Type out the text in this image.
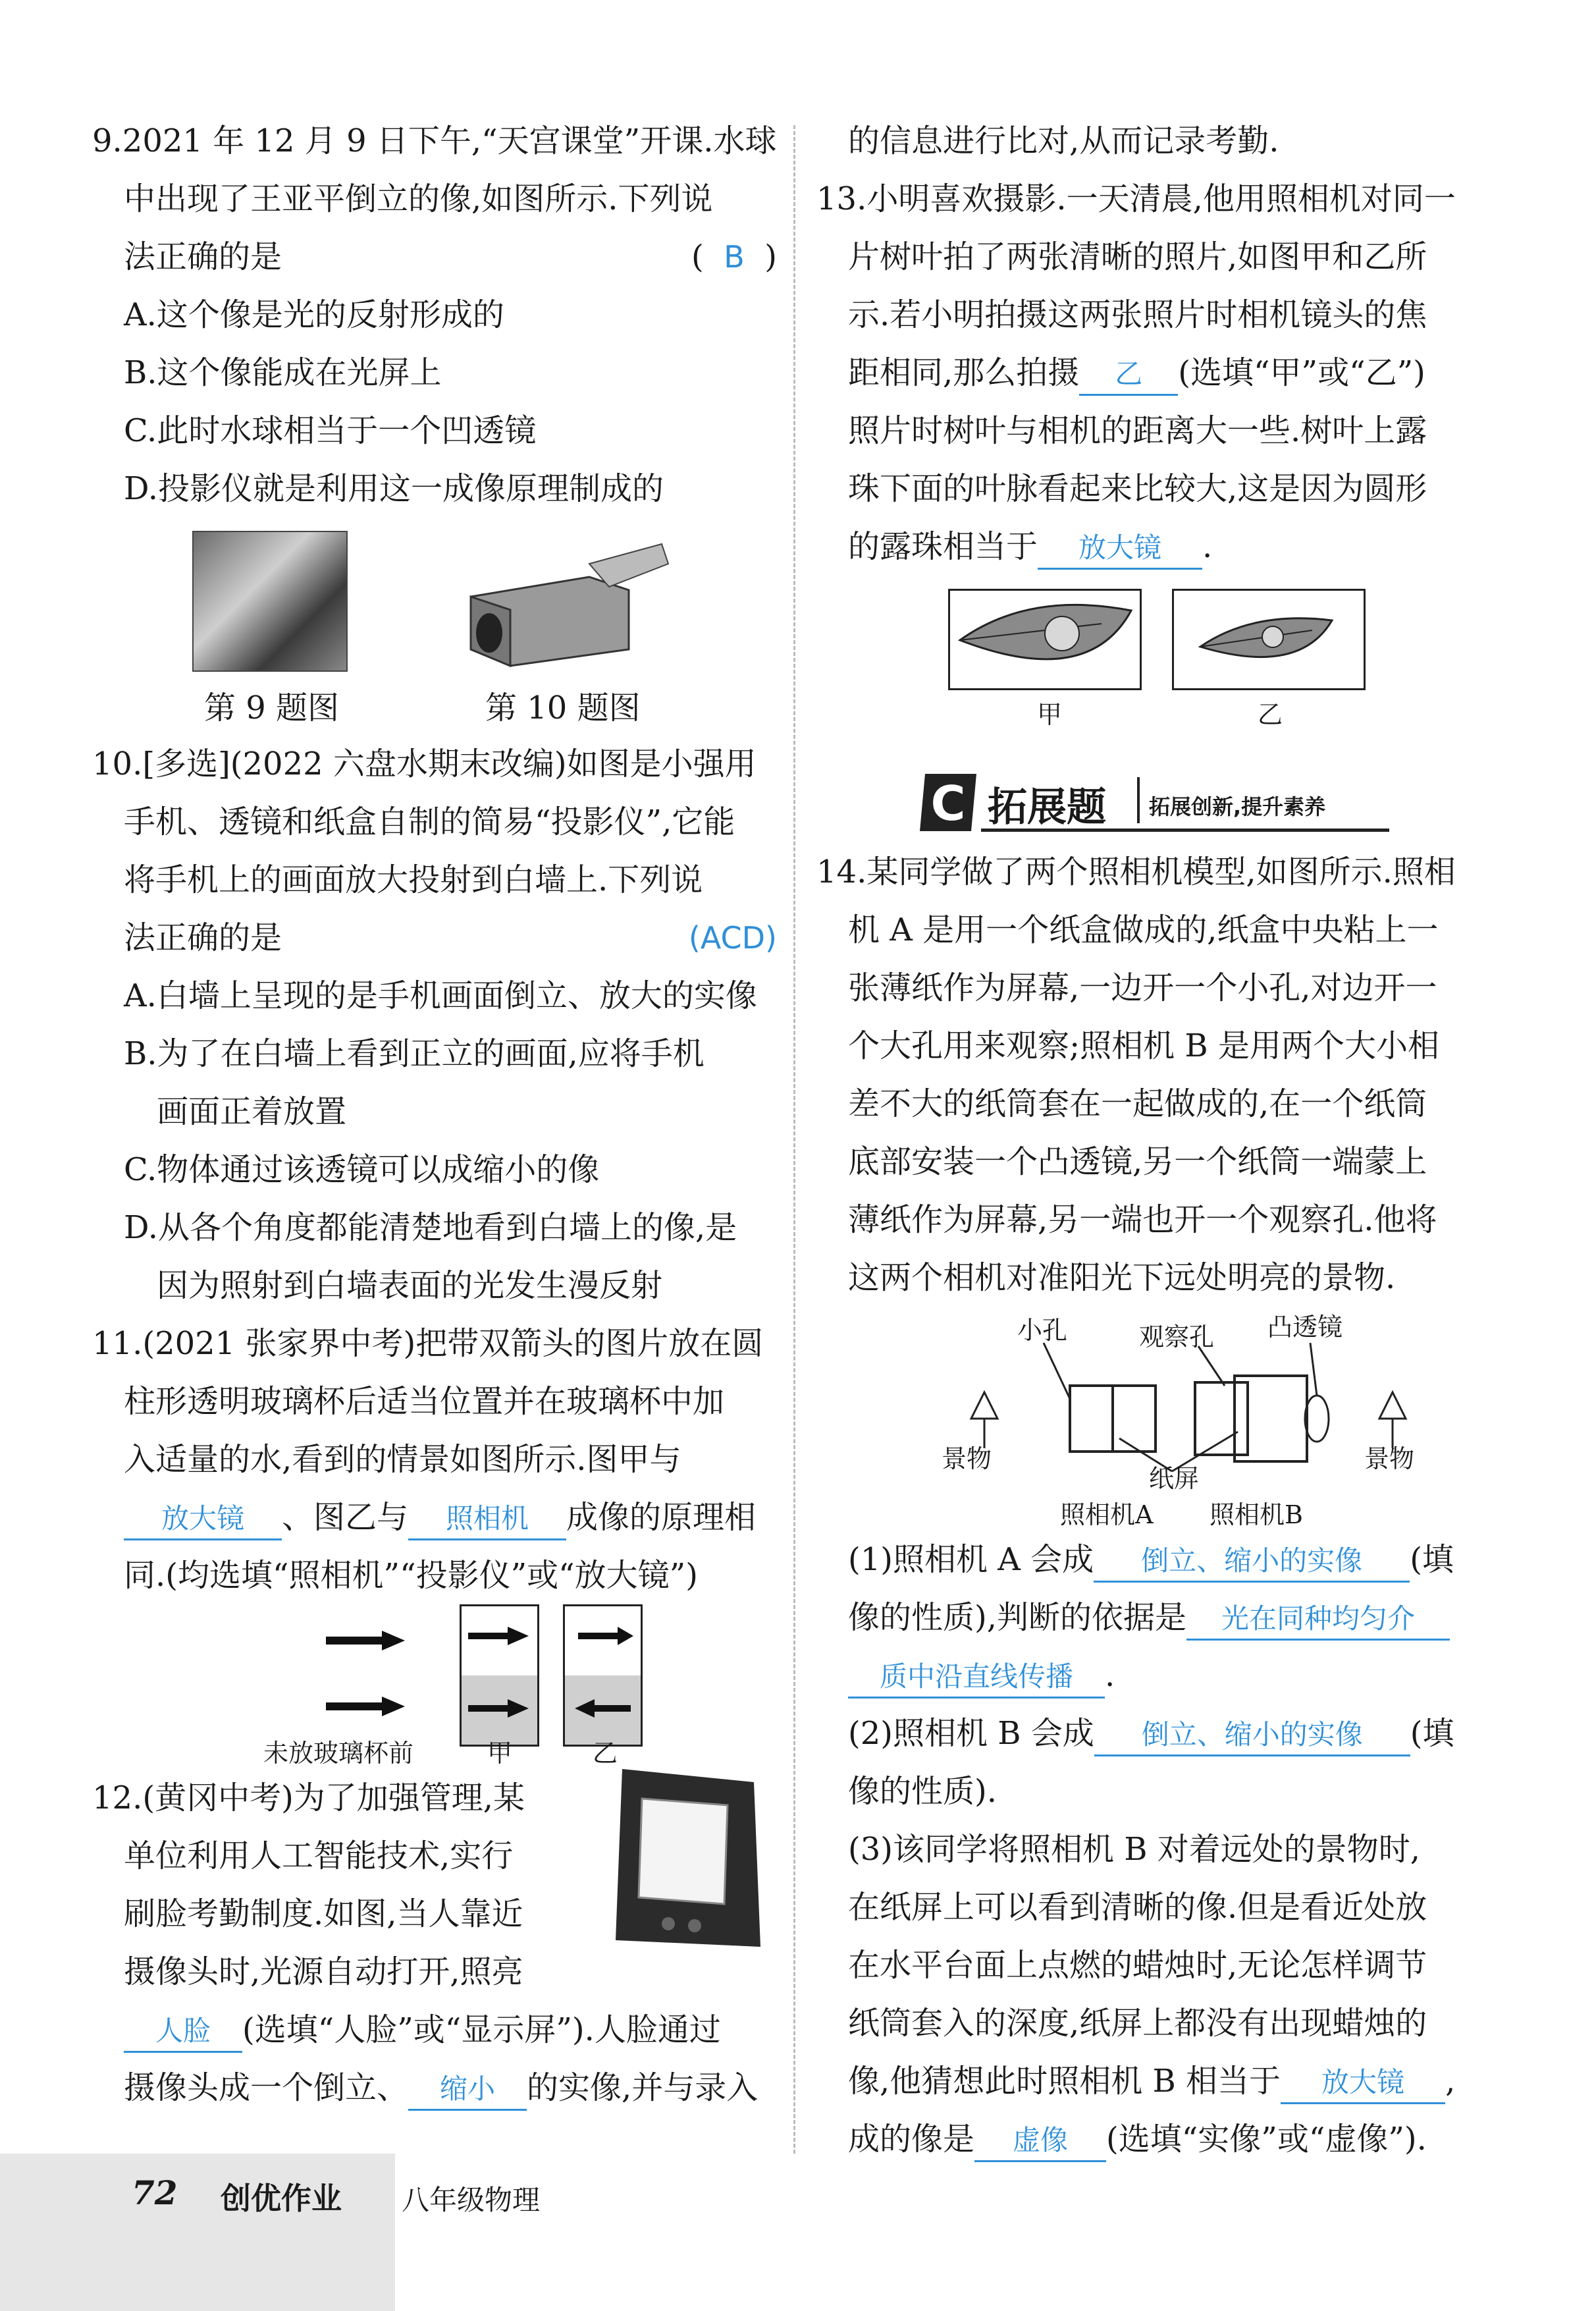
9.2021 年 12 月 9 日下午,“天宫课堂”开课.水球
中出现了王亚平倒立的像,如图所示.下列说
法正确的是	(  B  )
A.这个像是光的反射形成的
B.这个像能成在光屏上
C.此时水球相当于一个凹透镜
D.投影仪就是利用这一成像原理制成的
第 9 题图	第 10 题图
10.[多选](2022 六盘水期末改编)如图是小强用
手机、透镜和纸盒自制的简易“投影仪”,它能
将手机上的画面放大投射到白墙上.下列说
法正确的是	(ACD)
A.白墙上呈现的是手机画面倒立、放大的实像
B.为了在白墙上看到正立的画面,应将手机
画面正着放置
C.物体通过该透镜可以成缩小的像
D.从各个角度都能清楚地看到白墙上的像,是
因为照射到白墙表面的光发生漫反射
11.(2021 张家界中考)把带双箭头的图片放在圆
柱形透明玻璃杯后适当位置并在玻璃杯中加
入适量的水,看到的情景如图所示.图甲与
放大镜 、图乙与 照相机 成像的原理相
同.(均选填“照相机”“投影仪”或“放大镜”)
未放玻璃杯前	甲	乙
12.(黄冈中考)为了加强管理,某
单位利用人工智能技术,实行
刷脸考勤制度.如图,当人靠近
摄像头时,光源自动打开,照亮
人脸 (选填“人脸”或“显示屏”).人脸通过
摄像头成一个倒立、 缩小 的实像,并与录入
的信息进行比对,从而记录考勤.
13.小明喜欢摄影.一天清晨,他用照相机对同一
片树叶拍了两张清晰的照片,如图甲和乙所
示.若小明拍摄这两张照片时相机镜头的焦
距相同,那么拍摄 乙 (选填“甲”或“乙”)
照片时树叶与相机的距离大一些.树叶上露
珠下面的叶脉看起来比较大,这是因为圆形
的露珠相当于 放大镜 .
甲	乙
C 拓展题 拓展创新,提升素养
14.某同学做了两个照相机模型,如图所示.照相
机 A 是用一个纸盒做成的,纸盒中央粘上一
张薄纸作为屏幕,一边开一个小孔,对边开一
个大孔用来观察;照相机 B 是用两个大小相
差不大的纸筒套在一起做成的,在一个纸筒
底部安装一个凸透镜,另一个纸筒一端蒙上
薄纸作为屏幕,另一端也开一个观察孔.他将
这两个相机对准阳光下远处明亮的景物.
小孔	观察孔 凸透镜
景物	景物
纸屏
照相机A 照相机B
(1)照相机 A 会成 倒立、缩小的实像 (填
像的性质),判断的依据是 光在同种均匀介
质中沿直线传播 .
(2)照相机 B 会成 倒立、缩小的实像 (填
像的性质).
(3)该同学将照相机 B 对着远处的景物时,
在纸屏上可以看到清晰的像.但是看近处放
在水平台面上点燃的蜡烛时,无论怎样调节
纸筒套入的深度,纸屏上都没有出现蜡烛的
像,他猜想此时照相机 B 相当于 放大镜 ,
成的像是 虚像 (选填“实像”或“虚像”).
72 创优作业 八年级物理
